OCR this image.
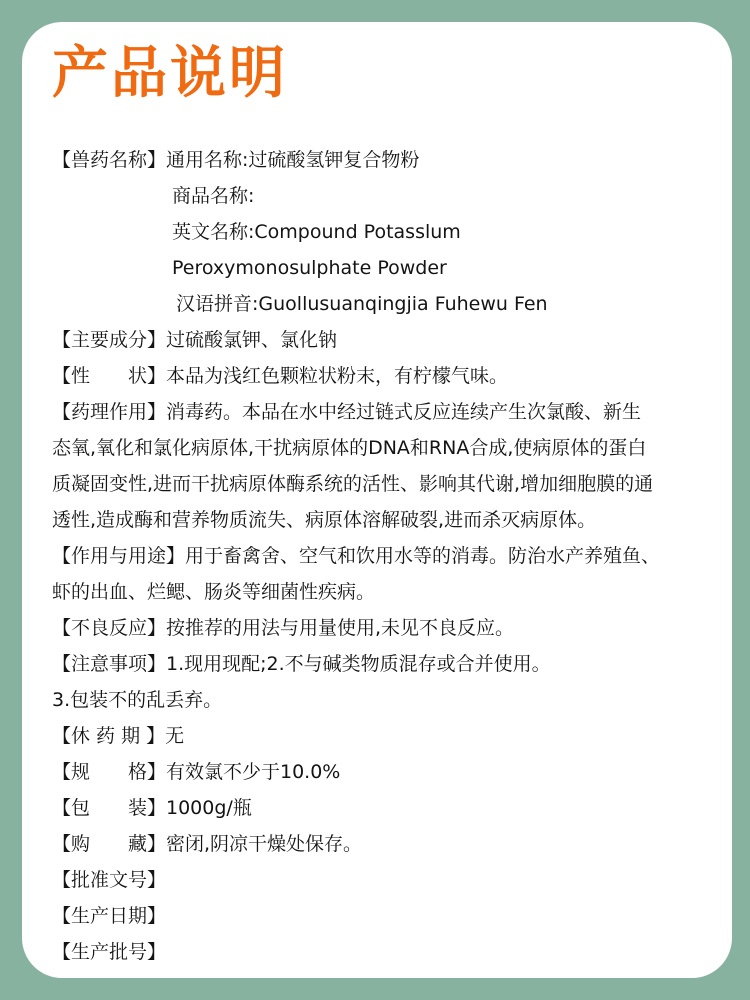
产品说明
【兽药名称】通用名称:过硫酸氢钾复合物粉
商品名称:
英文名称:Compound Potasslum
Peroxymonosulphate Powder
汉语拼音:Guollusuanqingjia Fuhewu Fen
【主要成分】过硫酸氯钾、氯化钠
【性　　状】本品为浅红色颗粒状粉末，有柠檬气味。
【药理作用】消毒药。本品在水中经过链式反应连续产生次氯酸、新生
态氧,氧化和氯化病原体,干扰病原体的DNA和RNA合成,使病原体的蛋白
质凝固变性,进而干扰病原体酶系统的活性、影响其代谢,增加细胞膜的通
透性,造成酶和营养物质流失、病原体溶解破裂,进而杀灭病原体。
【作用与用途】用于畜禽舍、空气和饮用水等的消毒。防治水产养殖鱼、
虾的出血、烂鳃、肠炎等细菌性疾病。
【不良反应】按推荐的用法与用量使用,未见不良反应。
【注意事项】1.现用现配;2.不与碱类物质混存或合并使用。
3.包装不的乱丢弃。
【休 药 期 】无
【规　　格】有效氯不少于10.0%
【包　　装】1000g/瓶
【购　　藏】密闭,阴凉干燥处保存。
【批准文号】
【生产日期】
【生产批号】
